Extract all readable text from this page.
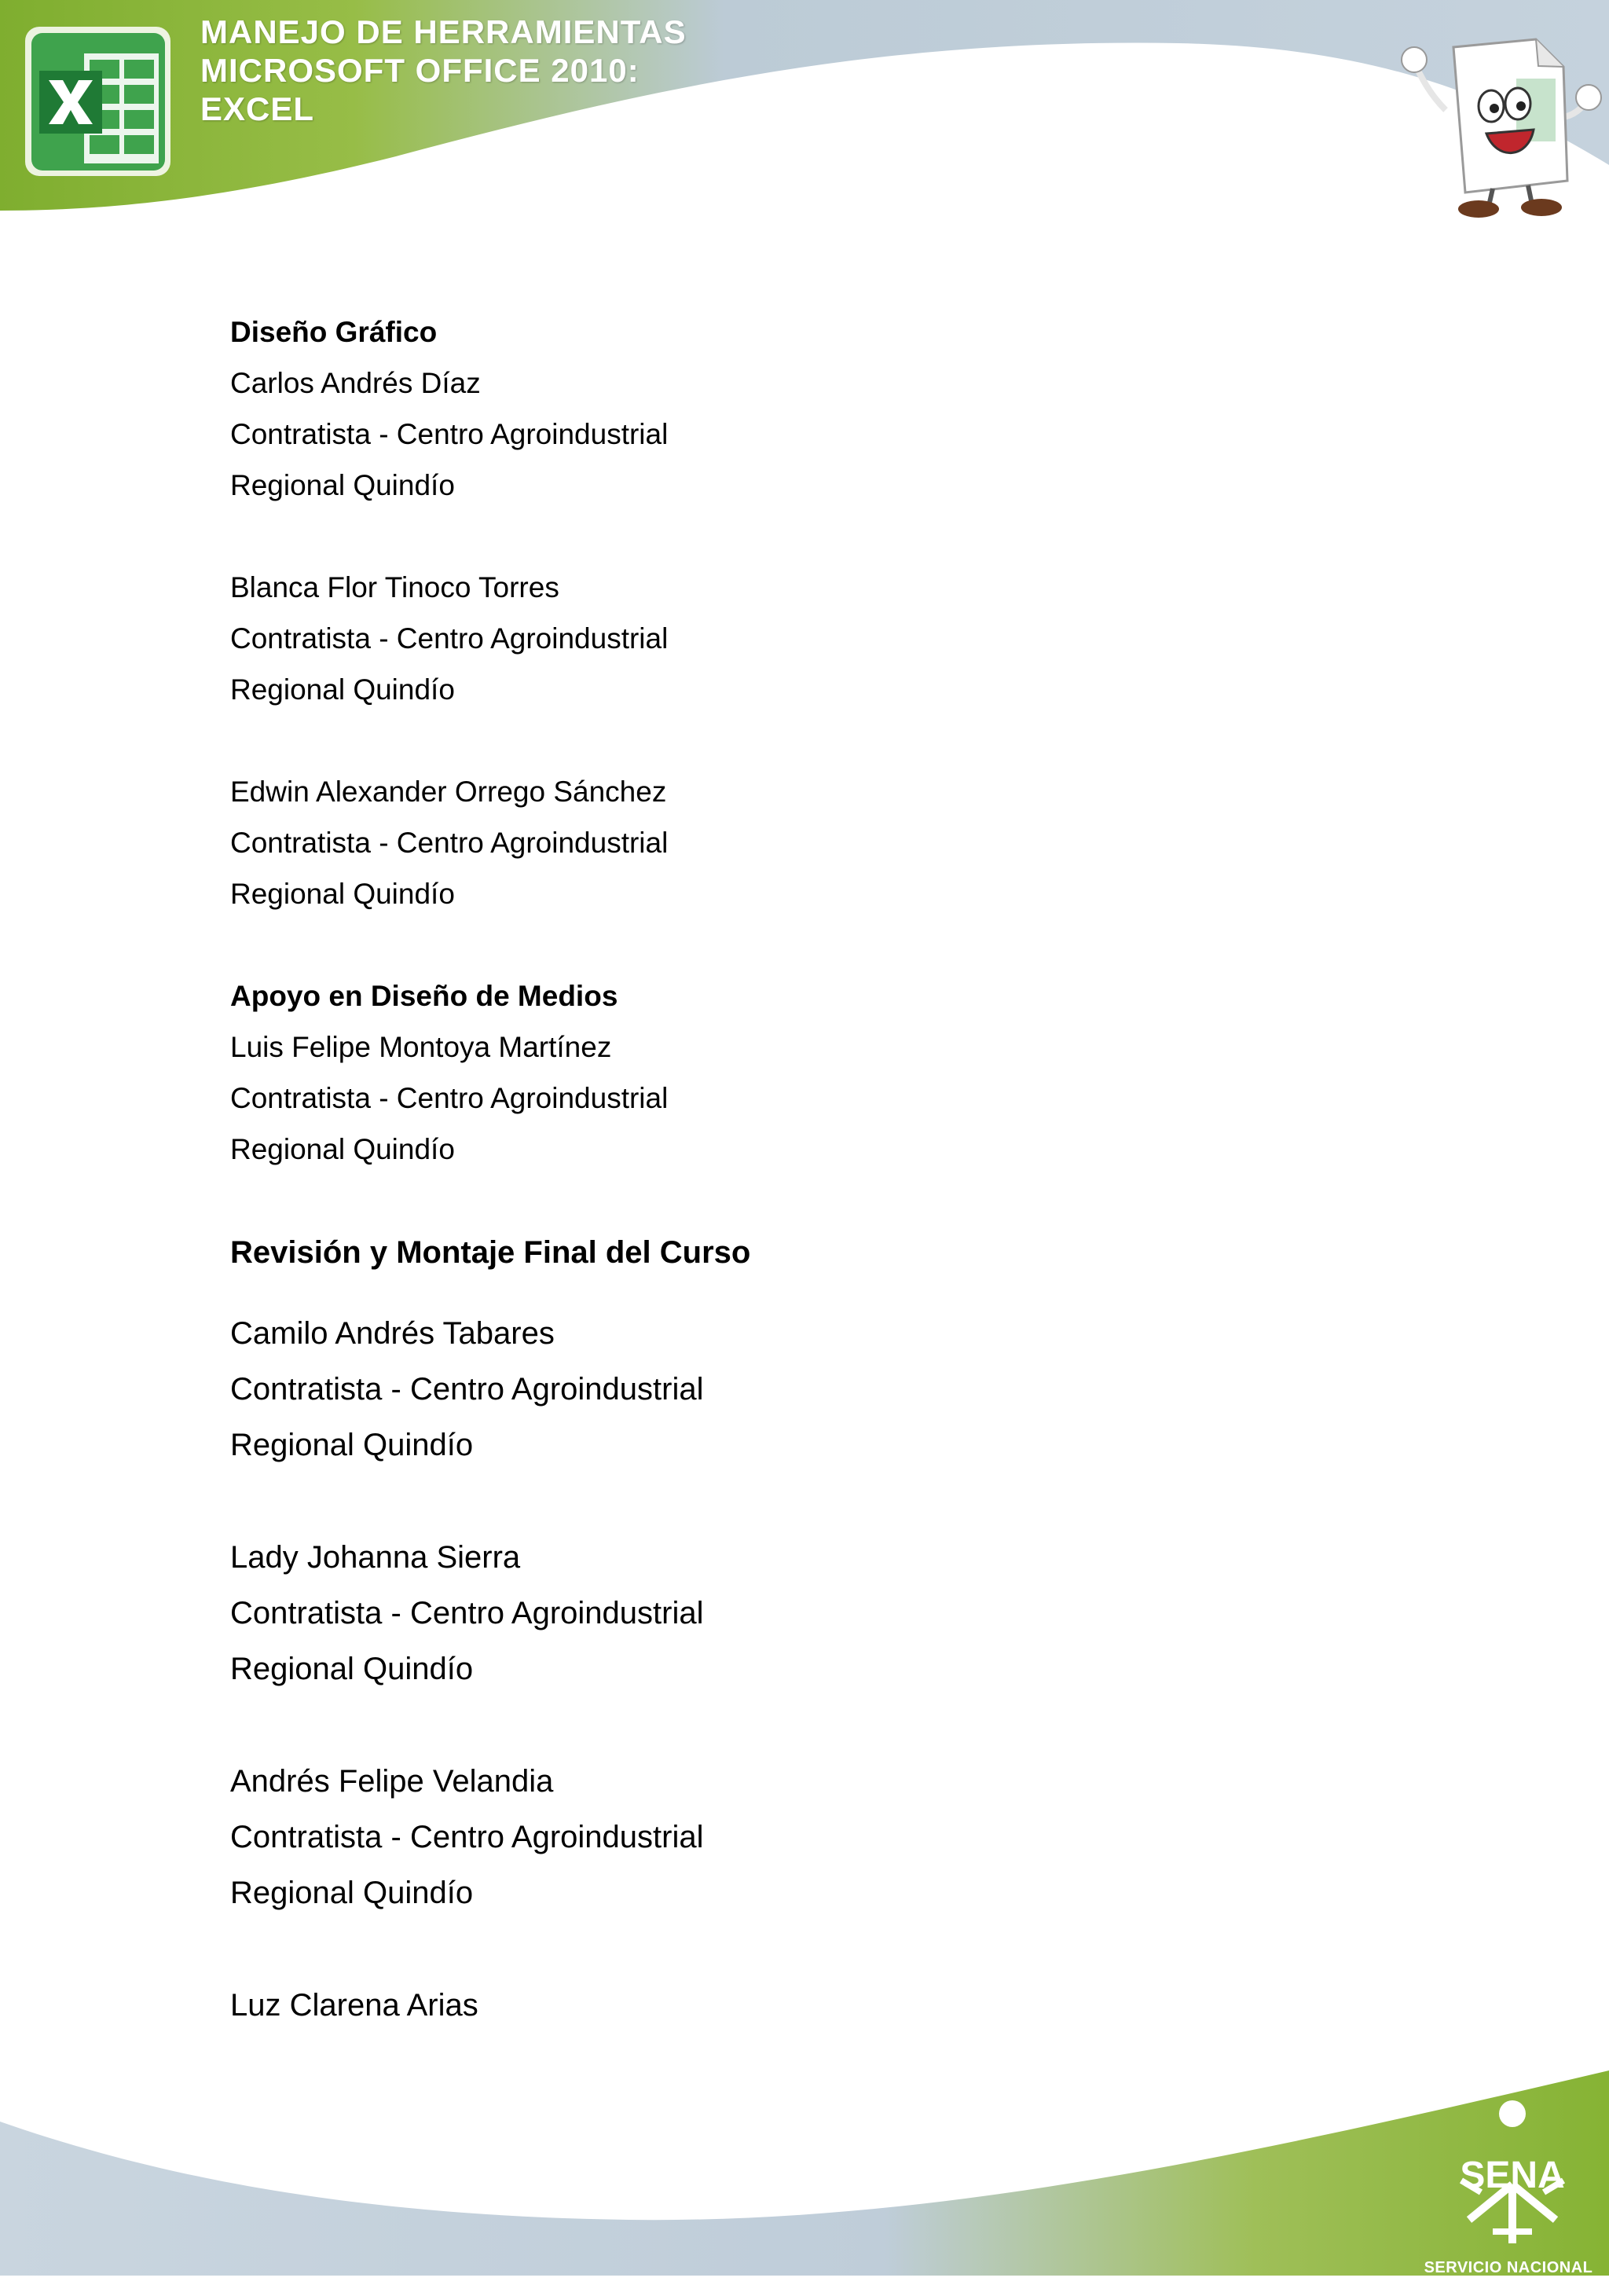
MANEJO DE HERRAMIENTAS
MICROSOFT OFFICE 2010:
EXCEL

Diseño Gráfico

Carlos Andrés Díaz

Contratista - Centro Agroindustrial

Regional Quindío

Blanca Flor Tinoco Torres

Contratista - Centro Agroindustrial

Regional Quindío

Edwin Alexander Orrego Sánchez

Contratista - Centro Agroindustrial

Regional Quindío

Apoyo en Diseño de Medios

Luis Felipe Montoya Martínez

Contratista - Centro Agroindustrial

Regional Quindío

Revisión y Montaje Final del Curso

Camilo Andrés Tabares

Contratista - Centro Agroindustrial

Regional Quindío

Lady Johanna Sierra

Contratista - Centro Agroindustrial

Regional Quindío

Andrés Felipe Velandia

Contratista - Centro Agroindustrial

Regional Quindío

Luz Clarena Arias

SENA
SERVICIO NACIONAL
DE APRENDIZAJE
